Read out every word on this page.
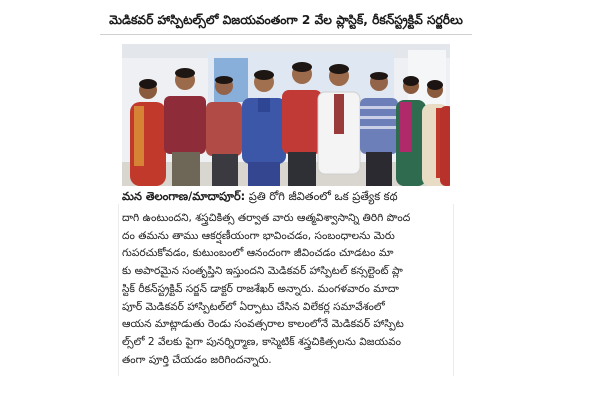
మెడికవర్ హాస్పిటల్స్‌లో విజయవంతంగా 2 వేల ప్లాస్టిక్, రీకన్‌స్ట్రక్టివ్ సర్జరీలు
మన తెలంగాణ/మాదాపూర్: ప్రతి రోగి జీవితంలో ఒక ప్రత్యేక కథ
దాగి ఉంటుందని, శస్త్రచికిత్స తర్వాత వారు ఆత్మవిశ్వాసాన్ని తిరిగి పొంద
దం తమను తాము ఆకర్షణీయంగా భావించడం, సంబంధాలను మెరు
గుపరచుకోవడం, కుటుంబంలో ఆనందంగా జీవించడం చూడటం మా
కు అపారమైన సంతృప్తిని ఇస్తుందని మెడికవర్ హాస్పిటల్ కన్సల్టెంట్ ప్లా
స్టిక్ రీకన్‌స్ట్రక్టివ్ సర్జన్ డాక్టర్ రాజశేఖర్ అన్నారు. మంగళవారం మాదా
పూర్ మెడికవర్ హాస్పిటల్‌లో ఏర్పాటు చేసిన విలేకర్ల సమావేశంలో
ఆయన మాట్లాడుతు రెండు సంవత్సరాల కాలంలోనే మెడికవర్ హాస్పిట
ల్స్‌లో 2 వేలకు పైగా పునర్నిర్మాణ, కాస్మెటిక్ శస్త్రచికిత్సలను విజయవం
తంగా పూర్తి చేయడం జరిగిందన్నారు.
